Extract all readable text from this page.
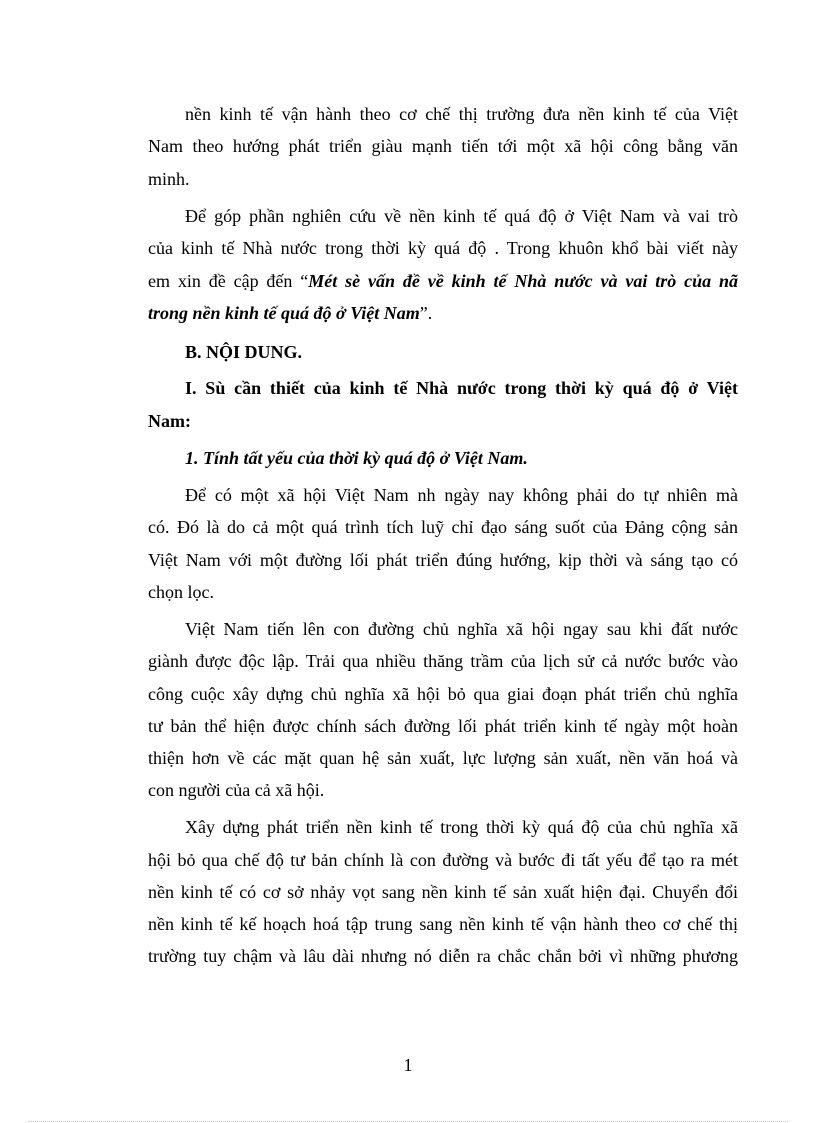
nền kinh tế vận hành theo cơ chế thị trường đưa nền kinh tế của Việt
Nam theo hướng phát triển giàu mạnh tiến tới một xã hội công bằng văn
minh.
Để góp phần nghiên cứu về nền kinh tế quá độ ở Việt Nam và vai trò
của kinh tế Nhà nước trong thời kỳ quá độ . Trong khuôn khổ bài viết này
em xin đề cập đến “Mét sè vấn đề về kinh tế Nhà nước và vai trò của nã
trong nền kinh tế quá độ ở Việt Nam”.
B. NỘI DUNG.
I. Sù cần thiết của kinh tế Nhà nước trong thời kỳ quá độ ở Việt
Nam:
1. Tính tất yếu của thời kỳ quá độ ở Việt Nam.
Để có một xã hội Việt Nam nh ngày nay không phải do tự nhiên mà
có. Đó là do cả một quá trình tích luỹ chỉ đạo sáng suốt của Đảng cộng sản
Việt Nam với một đường lối phát triển đúng hướng, kịp thời và sáng tạo có
chọn lọc.
Việt Nam tiến lên con đường chủ nghĩa xã hội ngay sau khi đất nước
giành được độc lập. Trải qua nhiều thăng trầm của lịch sử cả nước bước vào
công cuộc xây dựng chủ nghĩa xã hội bỏ qua giai đoạn phát triển chủ nghĩa
tư bản thể hiện được chính sách đường lối phát triển kinh tế ngày một hoàn
thiện hơn về các mặt quan hệ sản xuất, lực lượng sản xuất, nền văn hoá và
con người của cả xã hội.
Xây dựng phát triển nền kinh tế trong thời kỳ quá độ của chủ nghĩa xã
hội bỏ qua chế độ tư bản chính là con đường và bước đi tất yếu để tạo ra mét
nền kinh tế có cơ sở nhảy vọt sang nền kinh tế sản xuất hiện đại. Chuyển đổi
nền kinh tế kế hoạch hoá tập trung sang nền kinh tế vận hành theo cơ chế thị
trường tuy chậm và lâu dài nhưng nó diễn ra chắc chắn bởi vì những phương
1
